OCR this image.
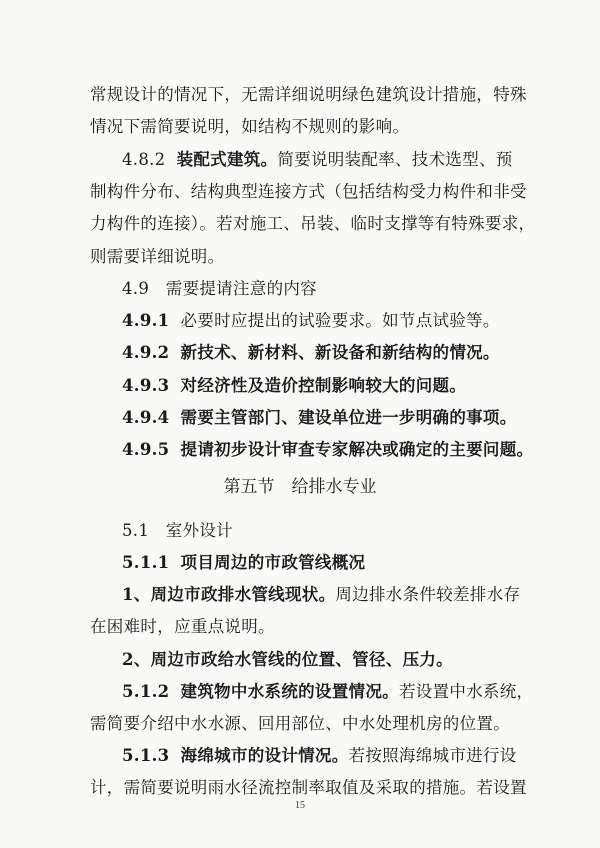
常规设计的情况下，无需详细说明绿色建筑设计措施，特殊
情况下需简要说明，如结构不规则的影响。
4.8.2 装配式建筑。简要说明装配率、技术选型、预
制构件分布、结构典型连接方式（包括结构受力构件和非受
力构件的连接）。若对施工、吊装、临时支撑等有特殊要求，
则需要详细说明。
4.9 需要提请注意的内容
4.9.1 必要时应提出的试验要求。如节点试验等。
4.9.2 新技术、新材料、新设备和新结构的情况。
4.9.3 对经济性及造价控制影响较大的问题。
4.9.4 需要主管部门、建设单位进一步明确的事项。
4.9.5 提请初步设计审查专家解决或确定的主要问题。
第五节　给排水专业
5.1 室外设计
5.1.1 项目周边的市政管线概况
1、周边市政排水管线现状。周边排水条件较差排水存
在困难时，应重点说明。
2、周边市政给水管线的位置、管径、压力。
5.1.2 建筑物中水系统的设置情况。若设置中水系统，
需简要介绍中水水源、回用部位、中水处理机房的位置。
5.1.3 海绵城市的设计情况。若按照海绵城市进行设
计，需简要说明雨水径流控制率取值及采取的措施。若设置
15
